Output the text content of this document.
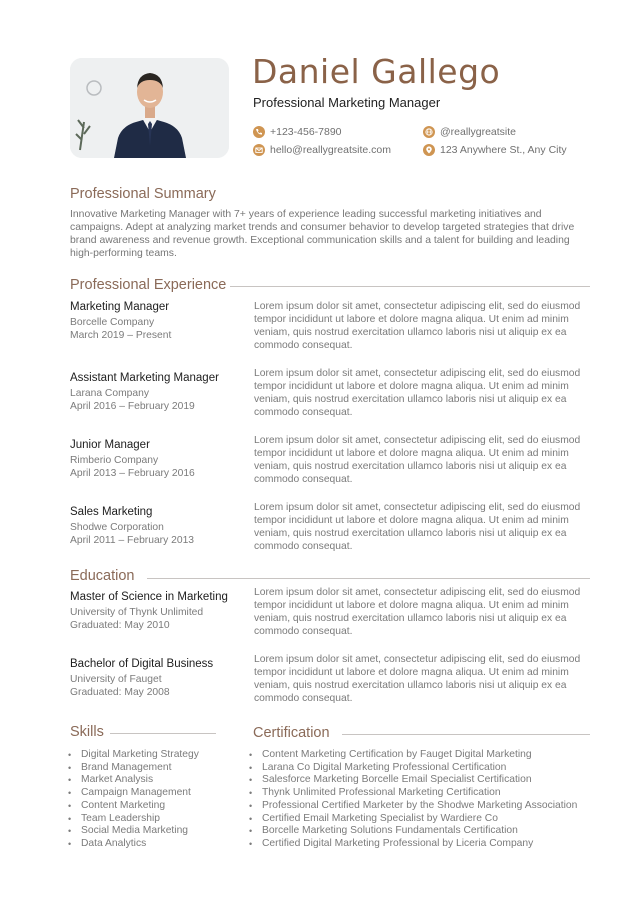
Daniel Gallego
Professional Marketing Manager
+123-456-7890
hello@reallygreatsite.com
@reallygreatsite
123 Anywhere St., Any City
Professional Summary
Innovative Marketing Manager with 7+ years of experience leading successful marketing initiatives and campaigns. Adept at analyzing market trends and consumer behavior to develop targeted strategies that drive brand awareness and revenue growth. Exceptional communication skills and a talent for building and leading high-performing teams.
Professional Experience
Marketing Manager
Borcelle Company
March 2019 – Present
Lorem ipsum dolor sit amet, consectetur adipiscing elit, sed do eiusmod tempor incididunt ut labore et dolore magna aliqua. Ut enim ad minim veniam, quis nostrud exercitation ullamco laboris nisi ut aliquip ex ea commodo consequat.
Assistant Marketing Manager
Larana Company
April 2016 – February 2019
Lorem ipsum dolor sit amet, consectetur adipiscing elit, sed do eiusmod tempor incididunt ut labore et dolore magna aliqua. Ut enim ad minim veniam, quis nostrud exercitation ullamco laboris nisi ut aliquip ex ea commodo consequat.
Junior Manager
Rimberio Company
April 2013 – February 2016
Lorem ipsum dolor sit amet, consectetur adipiscing elit, sed do eiusmod tempor incididunt ut labore et dolore magna aliqua. Ut enim ad minim veniam, quis nostrud exercitation ullamco laboris nisi ut aliquip ex ea commodo consequat.
Sales Marketing
Shodwe Corporation
April 2011 – February 2013
Lorem ipsum dolor sit amet, consectetur adipiscing elit, sed do eiusmod tempor incididunt ut labore et dolore magna aliqua. Ut enim ad minim veniam, quis nostrud exercitation ullamco laboris nisi ut aliquip ex ea commodo consequat.
Education
Master of Science in Marketing
University of Thynk Unlimited
Graduated: May 2010
Lorem ipsum dolor sit amet, consectetur adipiscing elit, sed do eiusmod tempor incididunt ut labore et dolore magna aliqua. Ut enim ad minim veniam, quis nostrud exercitation ullamco laboris nisi ut aliquip ex ea commodo consequat.
Bachelor of Digital Business
University of Fauget
Graduated: May 2008
Lorem ipsum dolor sit amet, consectetur adipiscing elit, sed do eiusmod tempor incididunt ut labore et dolore magna aliqua. Ut enim ad minim veniam, quis nostrud exercitation ullamco laboris nisi ut aliquip ex ea commodo consequat.
Skills
• Digital Marketing Strategy
• Brand Management
• Market Analysis
• Campaign Management
• Content Marketing
• Team Leadership
• Social Media Marketing
• Data Analytics
Certification
• Content Marketing Certification by Fauget Digital Marketing
• Larana Co Digital Marketing Professional Certification
• Salesforce Marketing Borcelle Email Specialist Certification
• Thynk Unlimited Professional Marketing Certification
• Professional Certified Marketer by the Shodwe Marketing Association
• Certified Email Marketing Specialist by Wardiere Co
• Borcelle Marketing Solutions Fundamentals Certification
• Certified Digital Marketing Professional by Liceria Company
